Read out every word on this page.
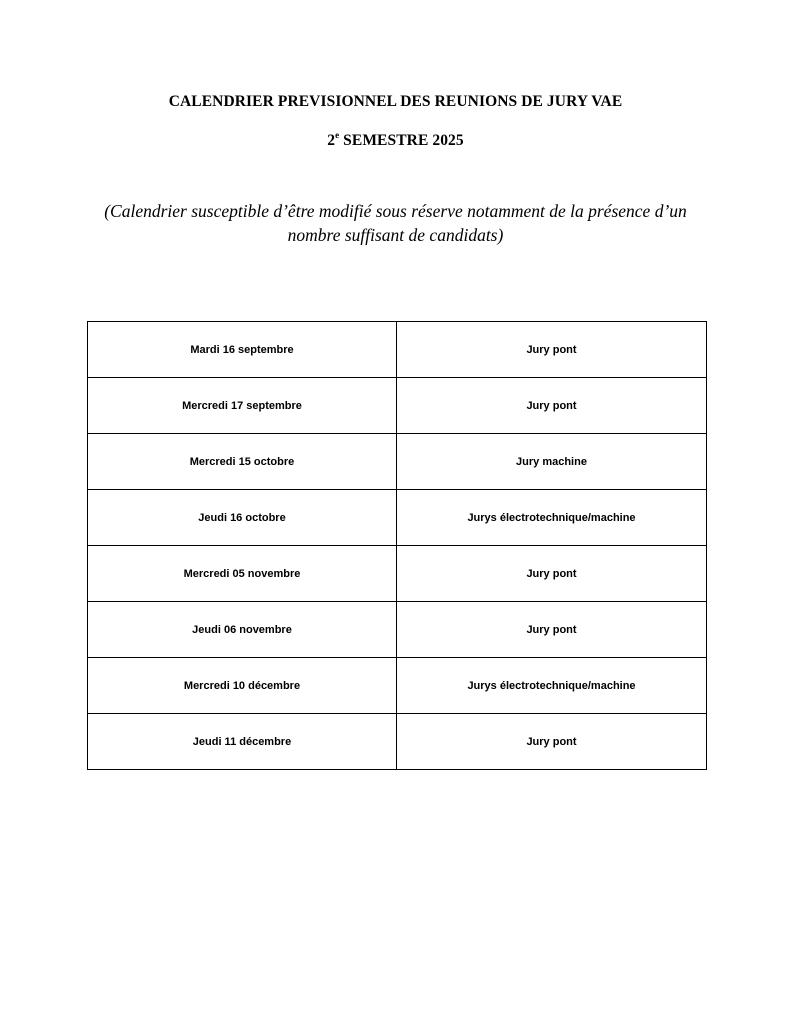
CALENDRIER PREVISIONNEL DES REUNIONS DE JURY VAE
2e SEMESTRE 2025

(Calendrier susceptible d’être modifié sous réserve notamment de la présence d’un nombre suffisant de candidats)

Mardi 16 septembre	Jury pont
Mercredi 17 septembre	Jury pont
Mercredi 15 octobre	Jury machine
Jeudi 16 octobre	Jurys électrotechnique/machine
Mercredi 05 novembre	Jury pont
Jeudi 06 novembre	Jury pont
Mercredi 10 décembre	Jurys électrotechnique/machine
Jeudi 11 décembre	Jury pont
